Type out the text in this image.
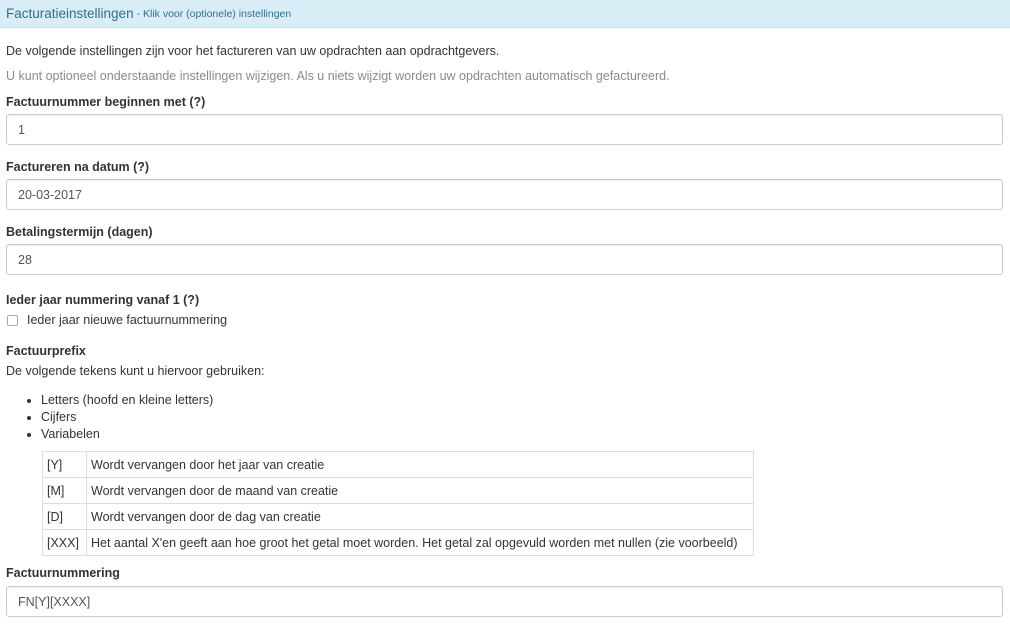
Facturatieinstellingen - Klik voor (optionele) instellingen

De volgende instellingen zijn voor het factureren van uw opdrachten aan opdrachtgevers.

U kunt optioneel onderstaande instellingen wijzigen. Als u niets wijzigt worden uw opdrachten automatisch gefactureerd.

Factuurnummer beginnen met (?)
1
Factureren na datum (?)
20-03-2017
Betalingstermijn (dagen)
28
Ieder jaar nummering vanaf 1 (?)
Ieder jaar nieuwe factuurnummering
Factuurprefix
De volgende tekens kunt u hiervoor gebruiken:
• Letters (hoofd en kleine letters)
• Cijfers
• Variabelen
[Y]	Wordt vervangen door het jaar van creatie
[M]	Wordt vervangen door de maand van creatie
[D]	Wordt vervangen door de dag van creatie
[XXX]	Het aantal X'en geeft aan hoe groot het getal moet worden. Het getal zal opgevuld worden met nullen (zie voorbeeld)
Factuurnummering
FN[Y][XXXX]
